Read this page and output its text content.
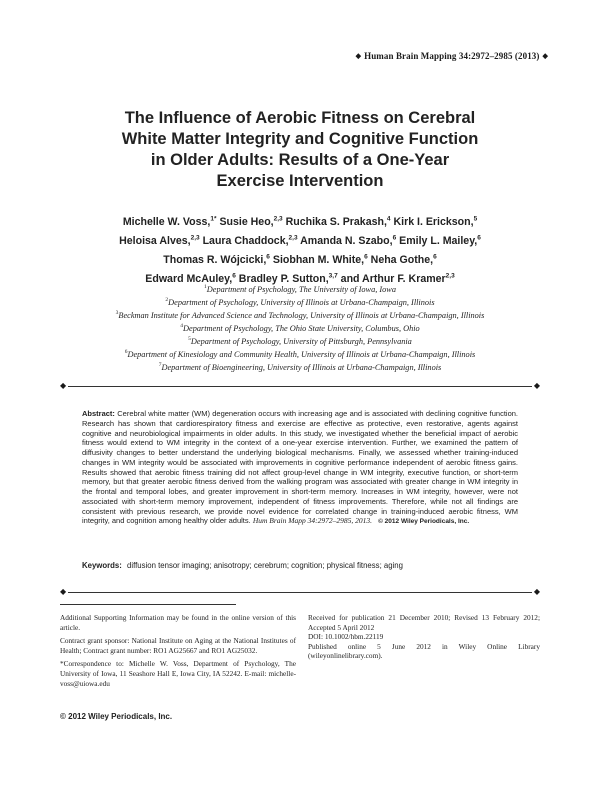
◆ Human Brain Mapping 34:2972–2985 (2013) ◆
The Influence of Aerobic Fitness on Cerebral
White Matter Integrity and Cognitive Function
in Older Adults: Results of a One-Year
Exercise Intervention
Michelle W. Voss,$^{1*}$ Susie Heo,$^{2,3}$ Ruchika S. Prakash,$^4$ Kirk I. Erickson,$^5$
Heloisa Alves,$^{2,3}$ Laura Chaddock,$^{2,3}$ Amanda N. Szabo,$^6$ Emily L. Mailey,$^6$
Thomas R. Wójcicki,$^6$ Siobhan M. White,$^6$ Neha Gothe,$^6$
Edward McAuley,$^6$ Bradley P. Sutton,$^{3,7}$ and Arthur F. Kramer$^{2,3}$
$^1$Department of Psychology, The University of Iowa, Iowa
$^2$Department of Psychology, University of Illinois at Urbana-Champaign, Illinois
$^3$Beckman Institute for Advanced Science and Technology, University of Illinois at Urbana-Champaign, Illinois
$^4$Department of Psychology, The Ohio State University, Columbus, Ohio
$^5$Department of Psychology, University of Pittsburgh, Pennsylvania
$^6$Department of Kinesiology and Community Health, University of Illinois at Urbana-Champaign, Illinois
$^7$Department of Bioengineering, University of Illinois at Urbana-Champaign, Illinois
◆	◆
Abstract: Cerebral white matter (WM) degeneration occurs with increasing age and is associated with declining cognitive function. Research has shown that cardiorespiratory fitness and exercise are effective as protective, even restorative, agents against cognitive and neurobiological impairments in older adults. In this study, we investigated whether the beneficial impact of aerobic fitness would extend to WM integrity in the context of a one-year exercise intervention. Further, we examined the pattern of diffusivity changes to better understand the underlying biological mechanisms. Finally, we assessed whether training-induced changes in WM integrity would be associated with improvements in cognitive performance independent of aerobic fitness gains. Results showed that aerobic fitness training did not affect group-level change in WM integrity, executive function, or short-term memory, but that greater aerobic fitness derived from the walking program was associated with greater change in WM integrity in the frontal and temporal lobes, and greater improvement in short-term memory. Increases in WM integrity, however, were not associated with short-term memory improvement, independent of fitness improvements. Therefore, while not all findings are consistent with previous research, we provide novel evidence for correlated change in training-induced aerobic fitness, WM integrity, and cognition among healthy older adults. Hum Brain Mapp 34:2972–2985, 2013. © 2012 Wiley Periodicals, Inc.
Keywords: diffusion tensor imaging; anisotropy; cerebrum; cognition; physical fitness; aging
◆	◆

Additional Supporting Information may be found in the online version of this article.

Contract grant sponsor: National Institute on Aging at the National Institutes of Health; Contract grant number: RO1 AG25667 and RO1 AG25032.

*Correspondence to: Michelle W. Voss, Department of Psychology, The University of Iowa, 11 Seashore Hall E, Iowa City, IA 52242. E-mail: michelle-voss@uiowa.edu

Received for publication 21 December 2010; Revised 13 February 2012; Accepted 5 April 2012

DOI: 10.1002/hbm.22119

Published online 5 June 2012 in Wiley Online Library (wileyonlinelibrary.com).

© 2012 Wiley Periodicals, Inc.
